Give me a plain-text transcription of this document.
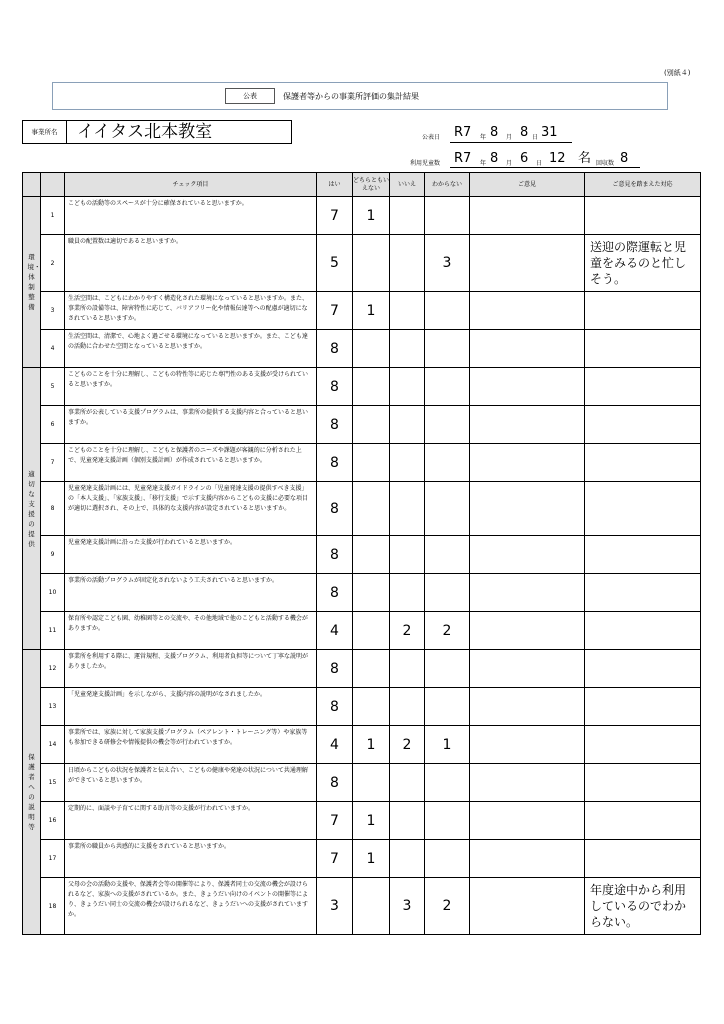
(別紙４)
公表	保護者等からの事業所評価の集計結果
事業所名	イイタス北本教室	公表日 R7 年 8 月 8 日 31
利用児童数 R7 年 8 月 6 日 12 名 回収数 8
		チェック項目	はい	どちらともいえない	いいえ	わからない	ご意見	ご意見を踏まえた対応
環境・体制整備	1	こどもの活動等のスペースが十分に確保されていると思いますか。	7	1				
	2	職員の配置数は適切であると思いますか。	5			3		送迎の際運転と児童をみるのと忙しそう。
	3	生活空間は、こどもにわかりやすく構造化された環境になっていると思いますか。また、事業所の設備等は、障害特性に応じて、バリアフリー化や情報伝達等への配慮が適切になされていると思いますか。	7	1				
	4	生活空間は、清潔で、心地よく過ごせる環境になっていると思いますか。また、こども達の活動に合わせた空間となっていると思いますか。	8					
適切な支援の提供	5	こどものことを十分に理解し、こどもの特性等に応じた専門性のある支援が受けられていると思いますか。	8					
	6	事業所が公表している支援プログラムは、事業所の提供する支援内容と合っていると思いますか。	8					
	7	こどものことを十分に理解し、こどもと保護者のニーズや課題が客観的に分析された上で、児童発達支援計画（個別支援計画）が作成されていると思いますか。	8					
	8	児童発達支援計画には、児童発達支援ガイドラインの「児童発達支援の提供すべき支援」の「本人支援」、「家族支援」、「移行支援」で示す支援内容からこどもの支援に必要な項目が適切に選択され、その上で、具体的な支援内容が設定されていると思いますか。	8					
	9	児童発達支援計画に沿った支援が行われていると思いますか。	8					
	10	事業所の活動プログラムが固定化されないよう工夫されていると思いますか。	8					
	11	保育所や認定こども園、幼稚園等との交流や、その他地域で他のこどもと活動する機会がありますか。	4		2	2		
保護者への説明等	12	事業所を利用する際に、運営規程、支援プログラム、利用者負担等について丁寧な説明がありましたか。	8					
	13	「児童発達支援計画」を示しながら、支援内容の説明がなされましたか。	8					
	14	事業所では、家族に対して家族支援プログラム（ペアレント・トレーニング等）や家族等も参加できる研修会や情報提供の機会等が行われていますか。	4	1	2	1		
	15	日頃からこどもの状況を保護者と伝え合い、こどもの健康や発達の状況について共通理解ができていると思いますか。	8					
	16	定期的に、面談や子育てに関する助言等の支援が行われていますか。	7	1				
	17	事業所の職員から共感的に支援をされていると思いますか。	7	1				
	18	父母の会の活動の支援や、保護者会等の開催等により、保護者同士の交流の機会が設けられるなど、家族への支援がされているか。また、きょうだい向けのイベントの開催等により、きょうだい同士の交流の機会が設けられるなど、きょうだいへの支援がされていますか。	3		3	2		年度途中から利用しているのでわからない。
